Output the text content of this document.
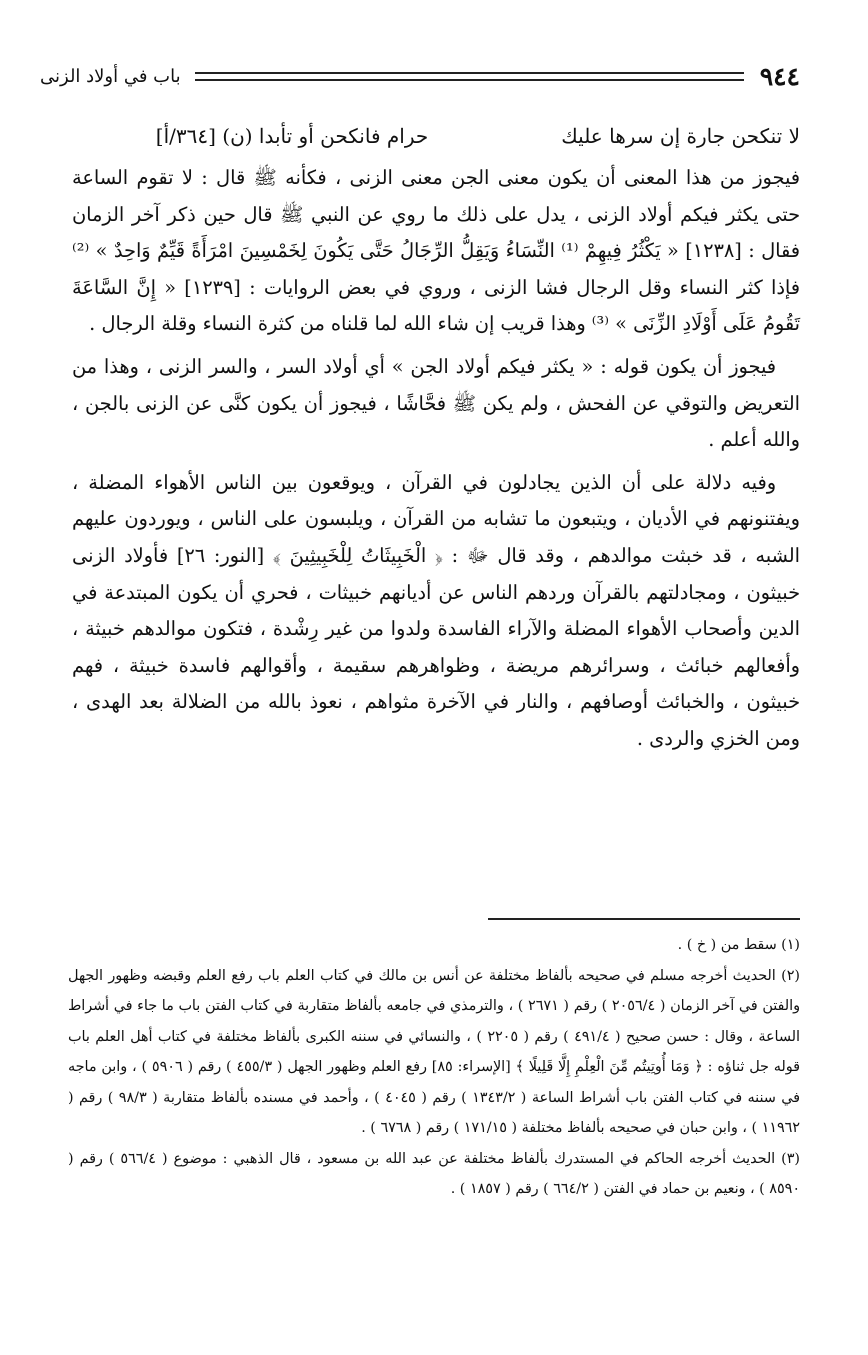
٩٤٤
باب في أولاد الزنى
لا تنكحن جارة إن سرها عليك
حرام فانكحن أو تأبدا (ن) [٣٦٤/أ]

فيجوز من هذا المعنى أن يكون معنى الجن معنى الزنى ، فكأنه ﷺ قال : لا تقوم الساعة حتى يكثر فيكم أولاد الزنى ، يدل على ذلك ما روي عن النبي ﷺ قال حين ذكر آخر الزمان فقال : [١٢٣٨] « يَكْثُرُ فِيهِمْ ⁽¹⁾ النِّسَاءُ وَيَقِلُّ الرِّجَالُ حَتَّى يَكُونَ لِخَمْسِينَ امْرَأَةً قَيِّمٌ وَاحِدٌ » ⁽²⁾ فإذا كثر النساء وقل الرجال فشا الزنى ، وروي في بعض الروايات : [١٢٣٩] « إِنَّ السَّاعَةَ تَقُومُ عَلَى أَوْلَادِ الزِّنَى » ⁽³⁾ وهذا قريب إن شاء الله لما قلناه من كثرة النساء وقلة الرجال .

فيجوز أن يكون قوله : « يكثر فيكم أولاد الجن » أي أولاد السر ، والسر الزنى ، وهذا من التعريض والتوقي عن الفحش ، ولم يكن ﷺ فحَّاشًا ، فيجوز أن يكون كنَّى عن الزنى بالجن ، والله أعلم .

وفيه دلالة على أن الذين يجادلون في القرآن ، ويوقعون بين الناس الأهواء المضلة ، ويفتنونهم في الأديان ، ويتبعون ما تشابه من القرآن ، ويلبسون على الناس ، ويوردون عليهم الشبه ، قد خبثت موالدهم ، وقد قال ﷻ : ﴿ الْخَبِيثَاتُ لِلْخَبِيثِينَ ﴾ [النور: ٢٦] فأولاد الزنى خبيثون ، ومجادلتهم بالقرآن وردهم الناس عن أديانهم خبيثات ، فحري أن يكون المبتدعة في الدين وأصحاب الأهواء المضلة والآراء الفاسدة ولدوا من غير رِشْدة ، فتكون موالدهم خبيثة ، وأفعالهم خبائث ، وسرائرهم مريضة ، وظواهرهم سقيمة ، وأقوالهم فاسدة خبيثة ، فهم خبيثون ، والخبائث أوصافهم ، والنار في الآخرة مثواهم ، نعوذ بالله من الضلالة بعد الهدى ، ومن الخزي والردى .

(١) سقط من ( خ ) .

(٢) الحديث أخرجه مسلم في صحيحه بألفاظ مختلفة عن أنس بن مالك في كتاب العلم باب رفع العلم وقبضه وظهور الجهل والفتن في آخر الزمان ( ٢٠٥٦/٤ ) رقم ( ٢٦٧١ ) ، والترمذي في جامعه بألفاظ متقاربة في كتاب الفتن باب ما جاء في أشراط الساعة ، وقال : حسن صحيح ( ٤٩١/٤ ) رقم ( ٢٢٠٥ ) ، والنسائي في سننه الكبرى بألفاظ مختلفة في كتاب أهل العلم باب قوله جل ثناؤه : ﴿ وَمَا أُوتِيتُم مِّنَ الْعِلْمِ إِلَّا قَلِيلًا ﴾ [الإسراء: ٨٥] رفع العلم وظهور الجهل ( ٤٥٥/٣ ) رقم ( ٥٩٠٦ ) ، وابن ماجه في سننه في كتاب الفتن باب أشراط الساعة ( ١٣٤٣/٢ ) رقم ( ٤٠٤٥ ) ، وأحمد في مسنده بألفاظ متقاربة ( ٩٨/٣ ) رقم ( ١١٩٦٢ ) ، وابن حبان في صحيحه بألفاظ مختلفة ( ١٧١/١٥ ) رقم ( ٦٧٦٨ ) .

(٣) الحديث أخرجه الحاكم في المستدرك بألفاظ مختلفة عن عبد الله بن مسعود ، قال الذهبي : موضوع ( ٥٦٦/٤ ) رقم ( ٨٥٩٠ ) ، ونعيم بن حماد في الفتن ( ٦٦٤/٢ ) رقم ( ١٨٥٧ ) .
